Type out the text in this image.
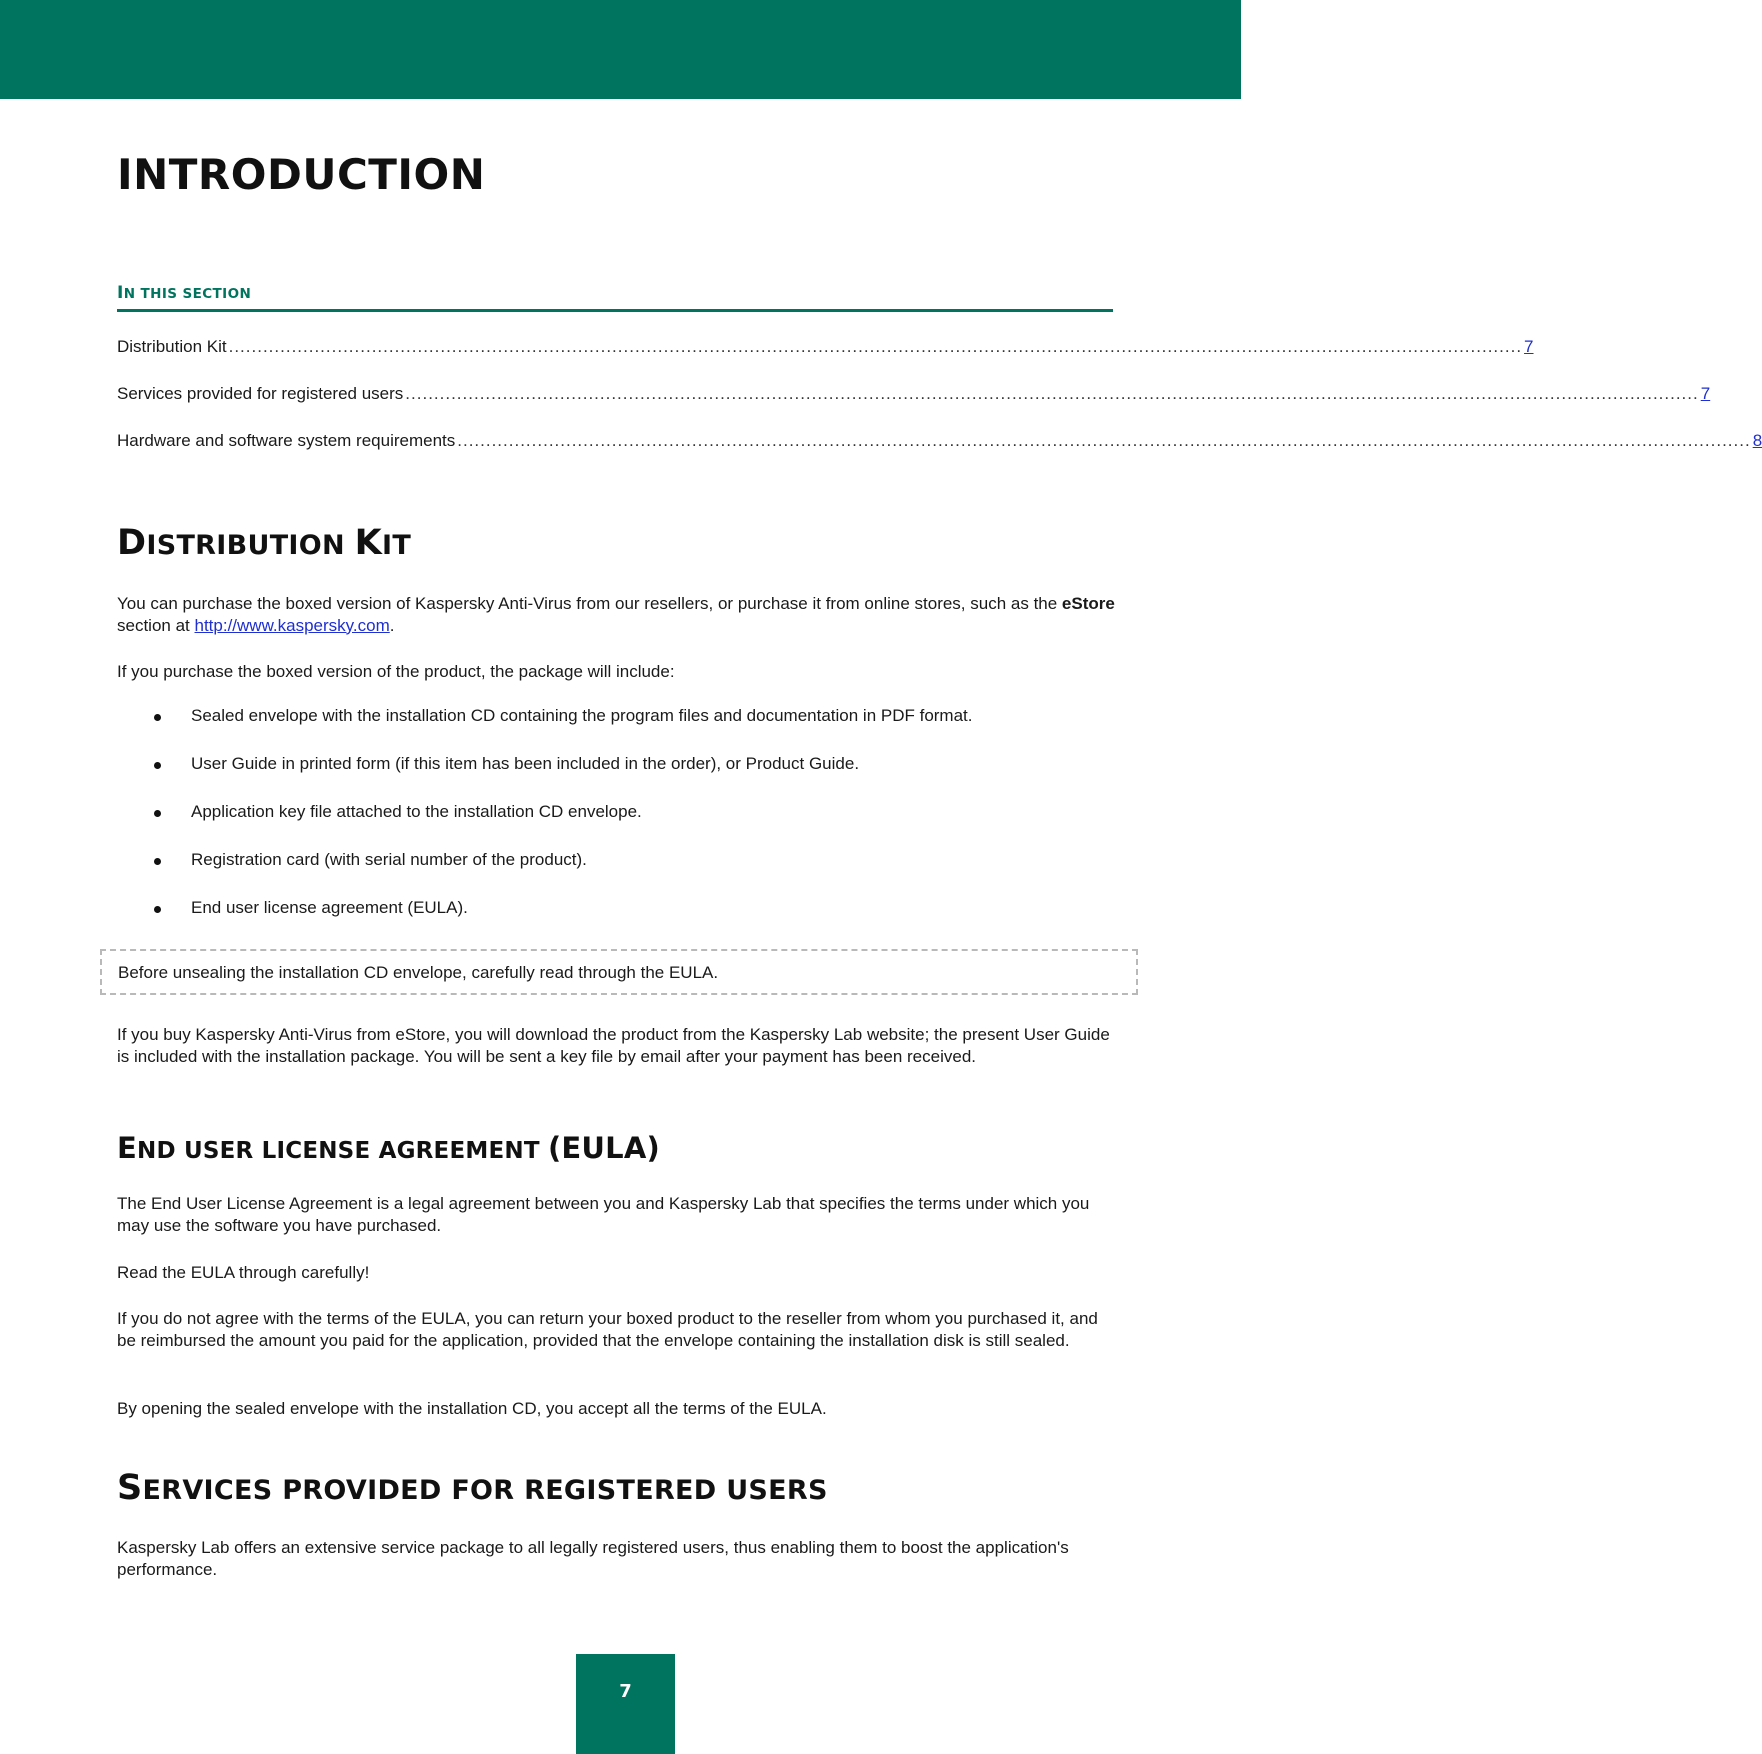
INTRODUCTION
IN THIS SECTION
Distribution Kit .................................................................................................................................................................................................................................. 7
Services provided for registered users .................................................................................................................................................................................................................................. 7
Hardware and software system requirements .................................................................................................................................................................................................................................. 8
DISTRIBUTION KIT

You can purchase the boxed version of Kaspersky Anti-Virus from our resellers, or purchase it from online stores, such as the eStore section at http://www.kaspersky.com.

If you purchase the boxed version of the product, the package will include:

Sealed envelope with the installation CD containing the program files and documentation in PDF format.
User Guide in printed form (if this item has been included in the order), or Product Guide.
Application key file attached to the installation CD envelope.
Registration card (with serial number of the product).
End user license agreement (EULA).
Before unsealing the installation CD envelope, carefully read through the EULA.

If you buy Kaspersky Anti-Virus from eStore, you will download the product from the Kaspersky Lab website; the present User Guide is included with the installation package. You will be sent a key file by email after your payment has been received.

END USER LICENSE AGREEMENT (EULA)

The End User License Agreement is a legal agreement between you and Kaspersky Lab that specifies the terms under which you may use the software you have purchased.

Read the EULA through carefully!

If you do not agree with the terms of the EULA, you can return your boxed product to the reseller from whom you purchased it, and be reimbursed the amount you paid for the application, provided that the envelope containing the installation disk is still sealed.

By opening the sealed envelope with the installation CD, you accept all the terms of the EULA.

SERVICES PROVIDED FOR REGISTERED USERS

Kaspersky Lab offers an extensive service package to all legally registered users, thus enabling them to boost the application's performance.

7
